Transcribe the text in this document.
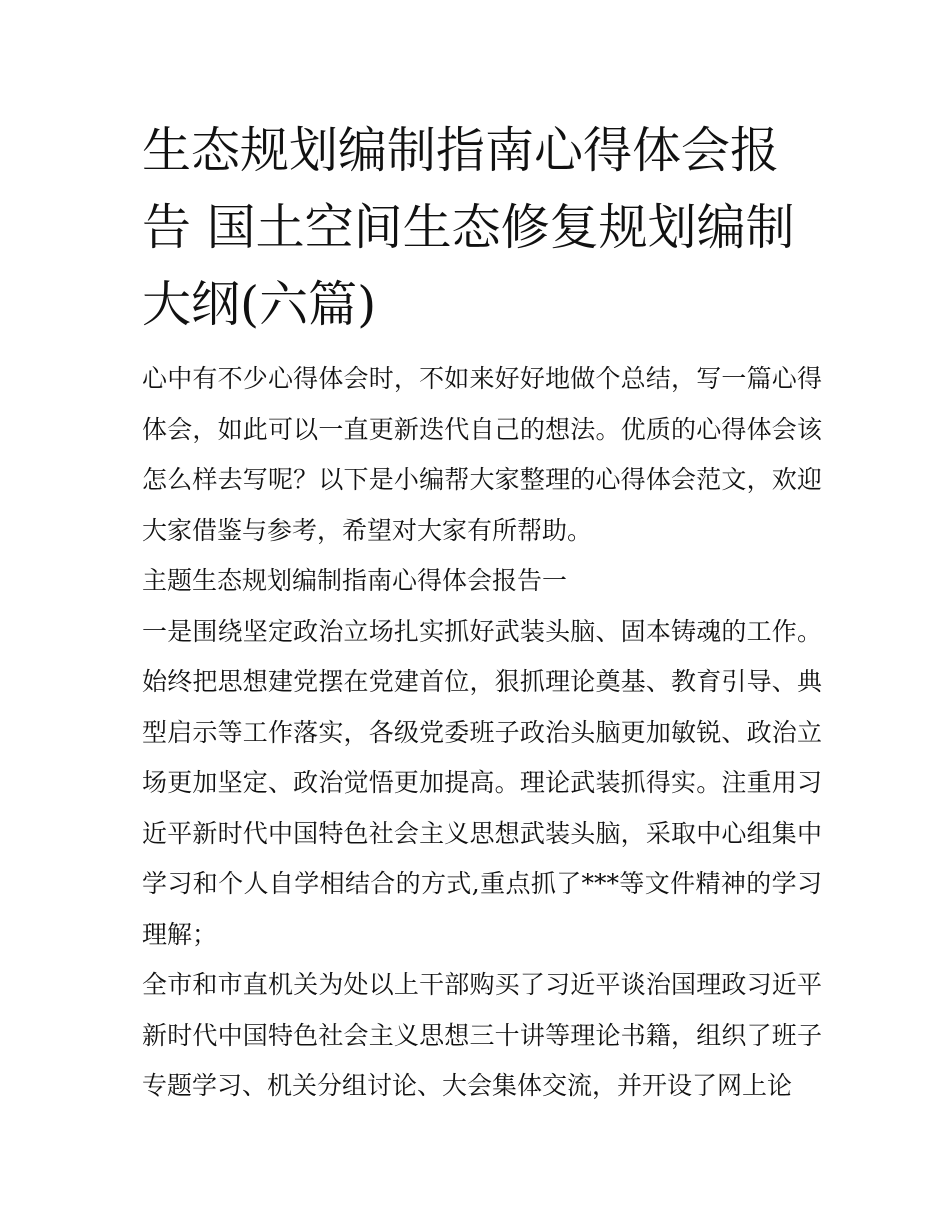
生态规划编制指南心得体会报告 国土空间生态修复规划编制大纲(六篇)

心中有不少心得体会时，不如来好好地做个总结，写一篇心得体会，如此可以一直更新迭代自己的想法。优质的心得体会该怎么样去写呢？以下是小编帮大家整理的心得体会范文，欢迎大家借鉴与参考，希望对大家有所帮助。

主题生态规划编制指南心得体会报告一

一是围绕坚定政治立场扎实抓好武装头脑、固本铸魂的工作。始终把思想建党摆在党建首位，狠抓理论奠基、教育引导、典型启示等工作落实，各级党委班子政治头脑更加敏锐、政治立场更加坚定、政治觉悟更加提高。理论武装抓得实。注重用习近平新时代中国特色社会主义思想武装头脑，采取中心组集中学习和个人自学相结合的方式,重点抓了***等文件精神的学习理解；

全市和市直机关为处以上干部购买了习近平谈治国理政习近平新时代中国特色社会主义思想三十讲等理论书籍，组织了班子专题学习、机关分组讨论、大会集体交流，并开设了网上论
